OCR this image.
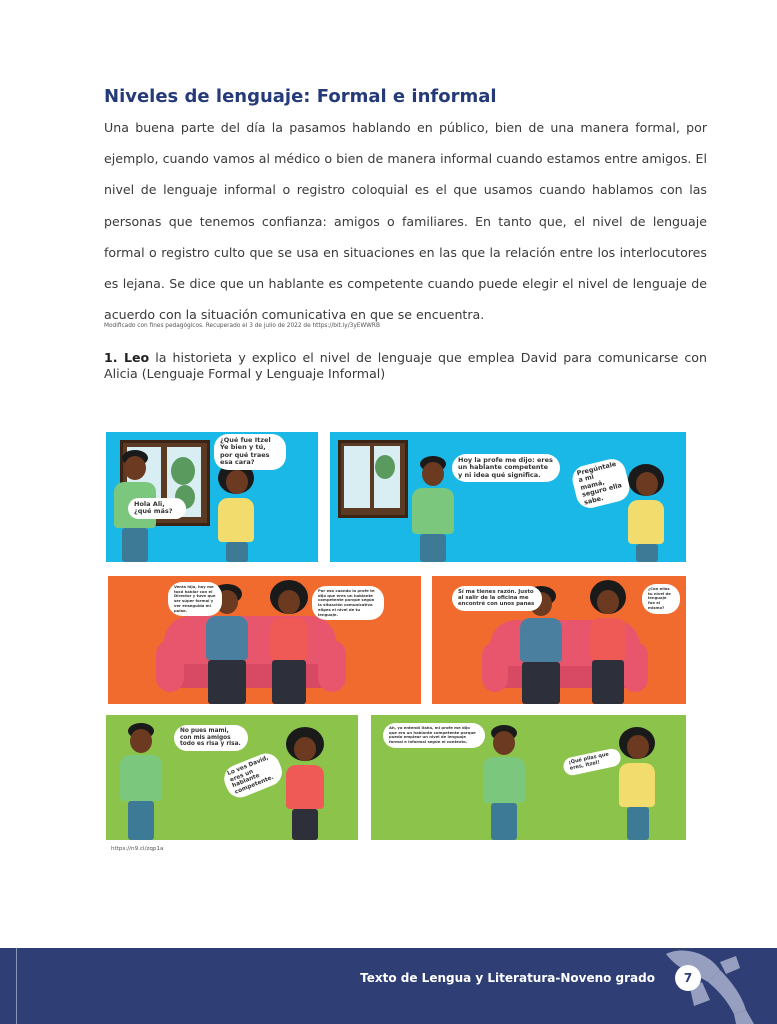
Niveles de lenguaje: Formal e informal

Una buena parte del día la pasamos hablando en público, bien de una manera formal, por ejemplo, cuando vamos al médico o bien de manera informal cuando estamos entre amigos. El nivel de lenguaje informal o registro coloquial es el que usamos cuando hablamos con las personas que tenemos confianza: amigos o familiares. En tanto que, el nivel de lenguaje formal o registro culto que se usa en situaciones en las que la relación entre los interlocutores es lejana. Se dice que un hablante es competente cuando puede elegir el nivel de lenguaje de acuerdo con la situación comunicativa en que se encuentra.

Modificado con fines pedagógicos. Recuperado el 3 de julio de 2022 de https://bit.ly/3yEWWRB

1. Leo la historieta y explico el nivel de lenguaje que emplea David para comunicarse con Alicia (Lenguaje Formal y Lenguaje Informal)

¿Qué fue Itzel Ye bien y tú, por qué traes esa cara?
Hola Ali, ¿qué más?
Hoy la profe me dijo: eres un hablante competente y ni idea qué significa.	Pregúntale a mi mamá, seguro ella sabe.
Verás hija, hoy me tocó hablar con el Director y tuve que ser súper formal y ver enseguida mi pulso.
Por eso cuando la profe te dijo que eres un hablante competente porque según la situación comunicativa eliges el nivel de tu lenguaje.
Sí ma tienes razón. Justo al salir de la oficina me encontré con unos panas
¿Con ellos tu nivel de lenguaje fue el mismo?
No pues mami, con mis amigos todo es risa y risa.
Lo ves David, eres un hablante competente.
Ah, ya entendí Ilaha, mi profe me dijo que era un hablante competente porque puedo emplear un nivel de lenguaje formal e informal según el contexto.
¡Qué pilas que eres, Itzel!

https://n9.cl/zqp1a

Texto de Lengua y Literatura-Noveno grado	7
